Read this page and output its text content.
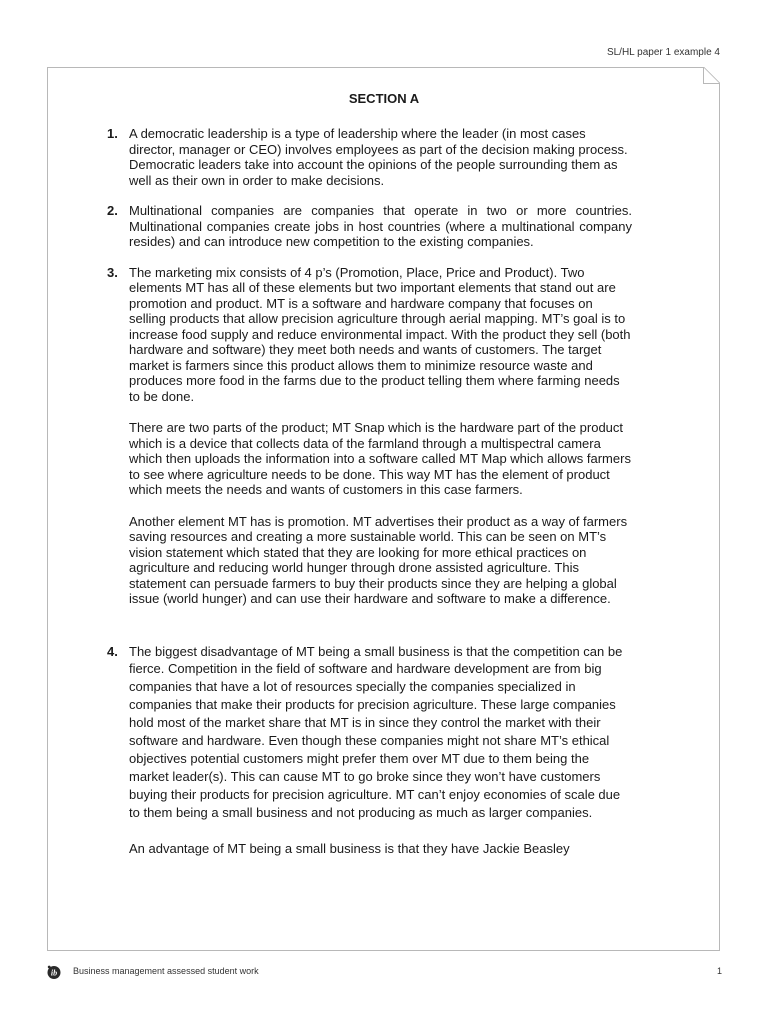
SL/HL paper 1 example 4
SECTION A
1. A democratic leadership is a type of leadership where the leader (in most cases director, manager or CEO) involves employees as part of the decision making process. Democratic leaders take into account the opinions of the people surrounding them as well as their own in order to make decisions.

2. Multinational companies are companies that operate in two or more countries. Multinational companies create jobs in host countries (where a multinational company resides) and can introduce new competition to the existing companies.

3. The marketing mix consists of 4 p’s (Promotion, Place, Price and Product). Two elements MT has all of these elements but two important elements that stand out are promotion and product. MT is a software and hardware company that focuses on selling products that allow precision agriculture through aerial mapping. MT’s goal is to increase food supply and reduce environmental impact. With the product they sell (both hardware and software) they meet both needs and wants of customers. The target market is farmers since this product allows them to minimize resource waste and produces more food in the farms due to the product telling them where farming needs to be done.

There are two parts of the product; MT Snap which is the hardware part of the product which is a device that collects data of the farmland through a multispectral camera which then uploads the information into a software called MT Map which allows farmers to see where agriculture needs to be done. This way MT has the element of product which meets the needs and wants of customers in this case farmers.

Another element MT has is promotion. MT advertises their product as a way of farmers saving resources and creating a more sustainable world. This can be seen on MT’s vision statement which stated that they are looking for more ethical practices on agriculture and reducing world hunger through drone assisted agriculture. This statement can persuade farmers to buy their products since they are helping a global issue (world hunger) and can use their hardware and software to make a difference.

4. The biggest disadvantage of MT being a small business is that the competition can be fierce. Competition in the field of software and hardware development are from big companies that have a lot of resources specially the companies specialized in companies that make their products for precision agriculture. These large companies hold most of the market share that MT is in since they control the market with their software and hardware. Even though these companies might not share MT’s ethical objectives potential customers might prefer them over MT due to them being the market leader(s). This can cause MT to go broke since they won’t have customers buying their products for precision agriculture. MT can’t enjoy economies of scale due to them being a small business and not producing as much as larger companies.

An advantage of MT being a small business is that they have Jackie Beasley

ib Business management assessed student work	1
